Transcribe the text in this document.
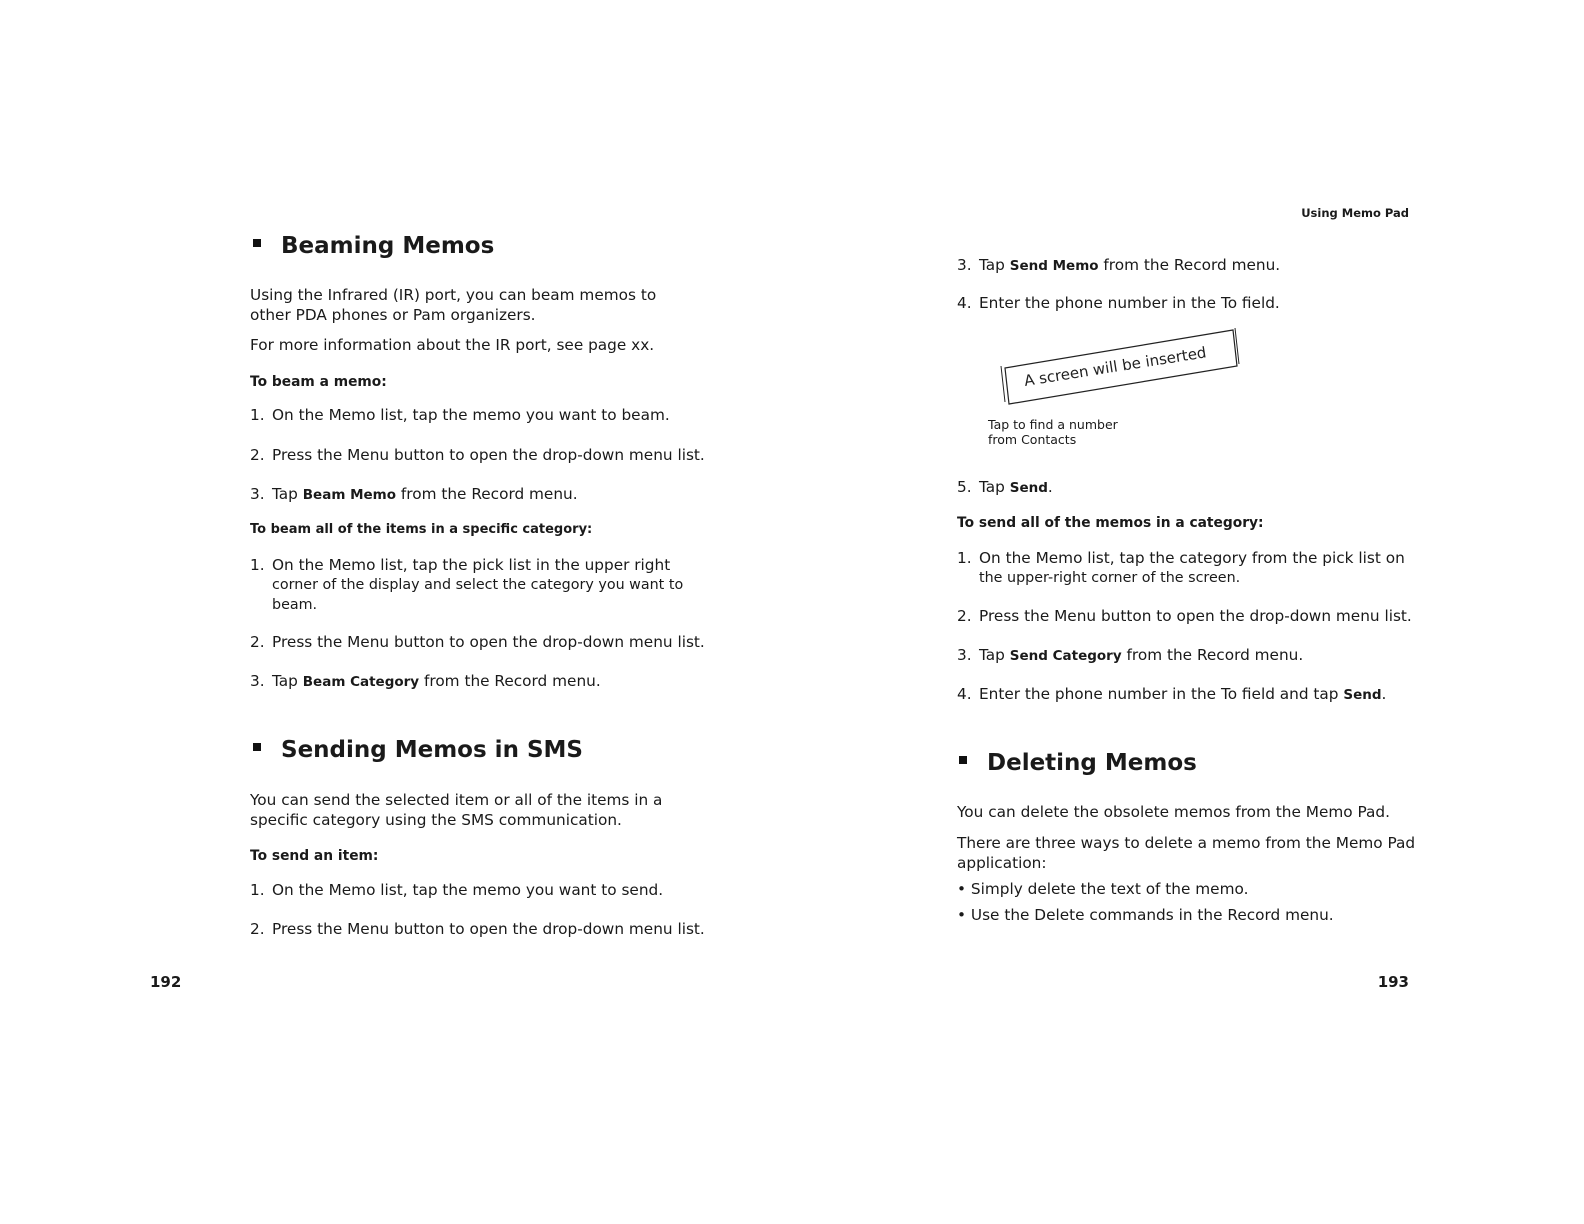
Using Memo Pad
Beaming Memos
Using the Infrared (IR) port, you can beam memos to other PDA phones or Pam organizers.
For more information about the IR port, see page xx.
To beam a memo:
1. On the Memo list, tap the memo you want to beam.
2. Press the Menu button to open the drop-down menu list.
3. Tap Beam Memo from the Record menu.
To beam all of the items in a specific category:
1. On the Memo list, tap the pick list in the upper right
corner of the display and select the category you want to beam.
2. Press the Menu button to open the drop-down menu list.
3. Tap Beam Category from the Record menu.
Sending Memos in SMS
You can send the selected item or all of the items in a specific category using the SMS communication.
To send an item:
1. On the Memo list, tap the memo you want to send.
2. Press the Menu button to open the drop-down menu list.
192
3. Tap Send Memo from the Record menu.
4. Enter the phone number in the To field.
A screen will be inserted
Tap to find a number
from Contacts
5. Tap Send.
To send all of the memos in a category:
1. On the Memo list, tap the category from the pick list on
the upper-right corner of the screen.
2. Press the Menu button to open the drop-down menu list.
3. Tap Send Category from the Record menu.
4. Enter the phone number in the To field and tap Send.
Deleting Memos
You can delete the obsolete memos from the Memo Pad.
There are three ways to delete a memo from the Memo Pad application:
• Simply delete the text of the memo.
• Use the Delete commands in the Record menu.
193
